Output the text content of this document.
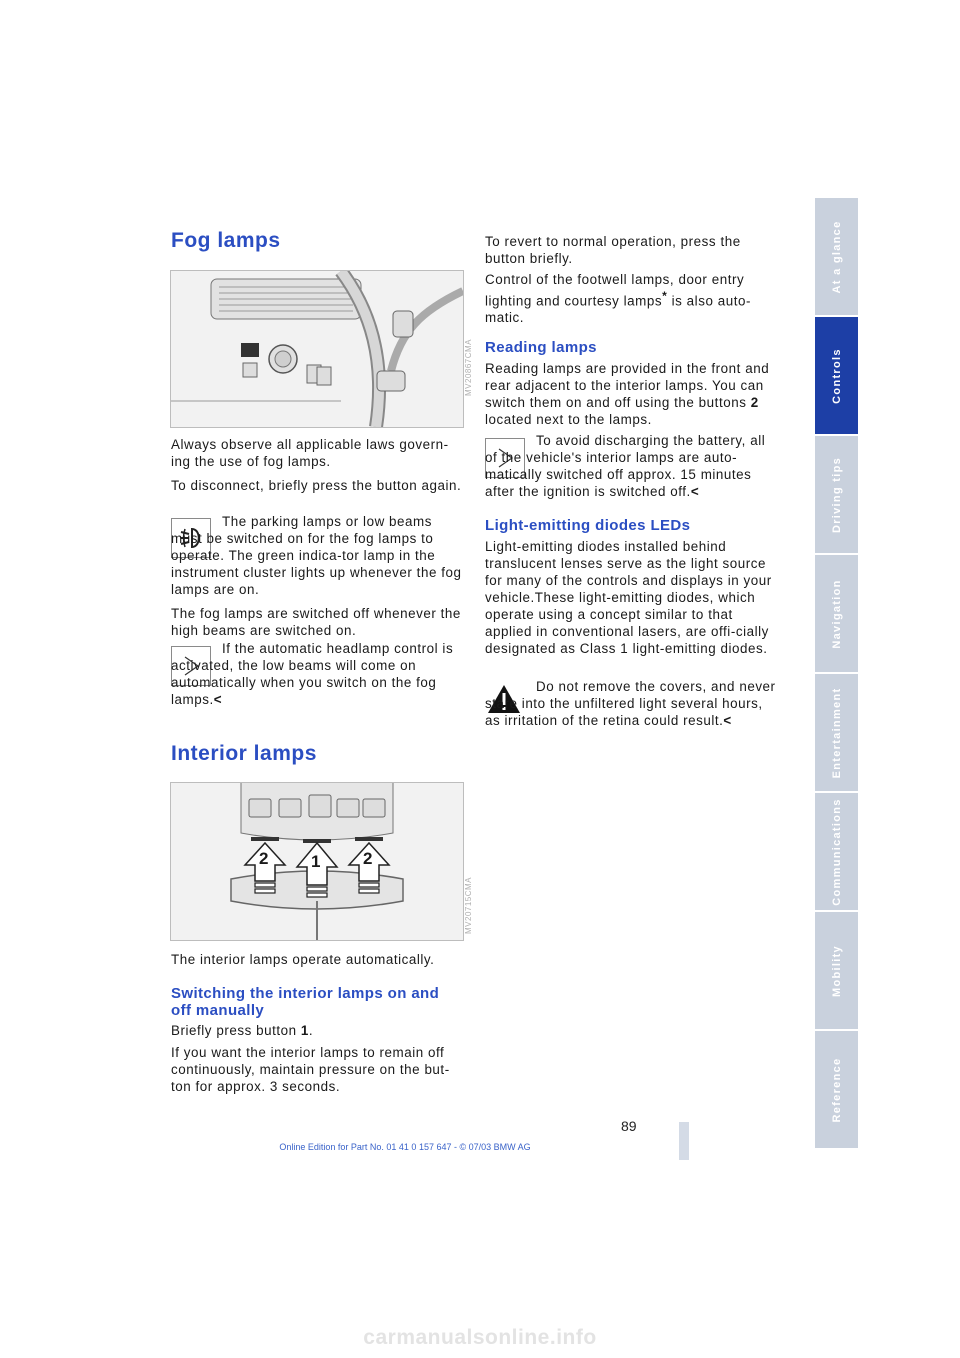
Fog lamps
MV20867CMA

Always observe all applicable laws govern-ing the use of fog lamps.

To disconnect, briefly press the button again.

The parking lamps or low beams must be switched on for the fog lamps to operate. The green indica-tor lamp in the instrument cluster lights up whenever the fog lamps are on.

The fog lamps are switched off whenever the high beams are switched on.

If the automatic headlamp control is activated, the low beams will come on automatically when you switch on the fog lamps.<

Interior lamps
2	1	2
MV20715CMA

The interior lamps operate automatically.

Switching the interior lamps on and off manually

Briefly press button 1.

If you want the interior lamps to remain off continuously, maintain pressure on the but-ton for approx. 3 seconds.

To revert to normal operation, press the button briefly.

Control of the footwell lamps, door entry lighting and courtesy lamps* is also auto-matic.

Reading lamps

Reading lamps are provided in the front and rear adjacent to the interior lamps. You can switch them on and off using the buttons 2 located next to the lamps.

To avoid discharging the battery, all of the vehicle's interior lamps are auto-matically switched off approx. 15 minutes after the ignition is switched off.<

Light-emitting diodes LEDs

Light-emitting diodes installed behind translucent lenses serve as the light source for many of the controls and displays in your vehicle.These light-emitting diodes, which operate using a concept similar to that applied in conventional lasers, are offi-cially designated as Class 1 light-emitting diodes.

Do not remove the covers, and never stare into the unfiltered light several hours, as irritation of the retina could result.<

At a glance
Controls
Driving tips
Navigation
Entertainment
Communications
Mobility
Reference
89
Online Edition for Part No. 01 41 0 157 647 - © 07/03 BMW AG
carmanualsonline.info
